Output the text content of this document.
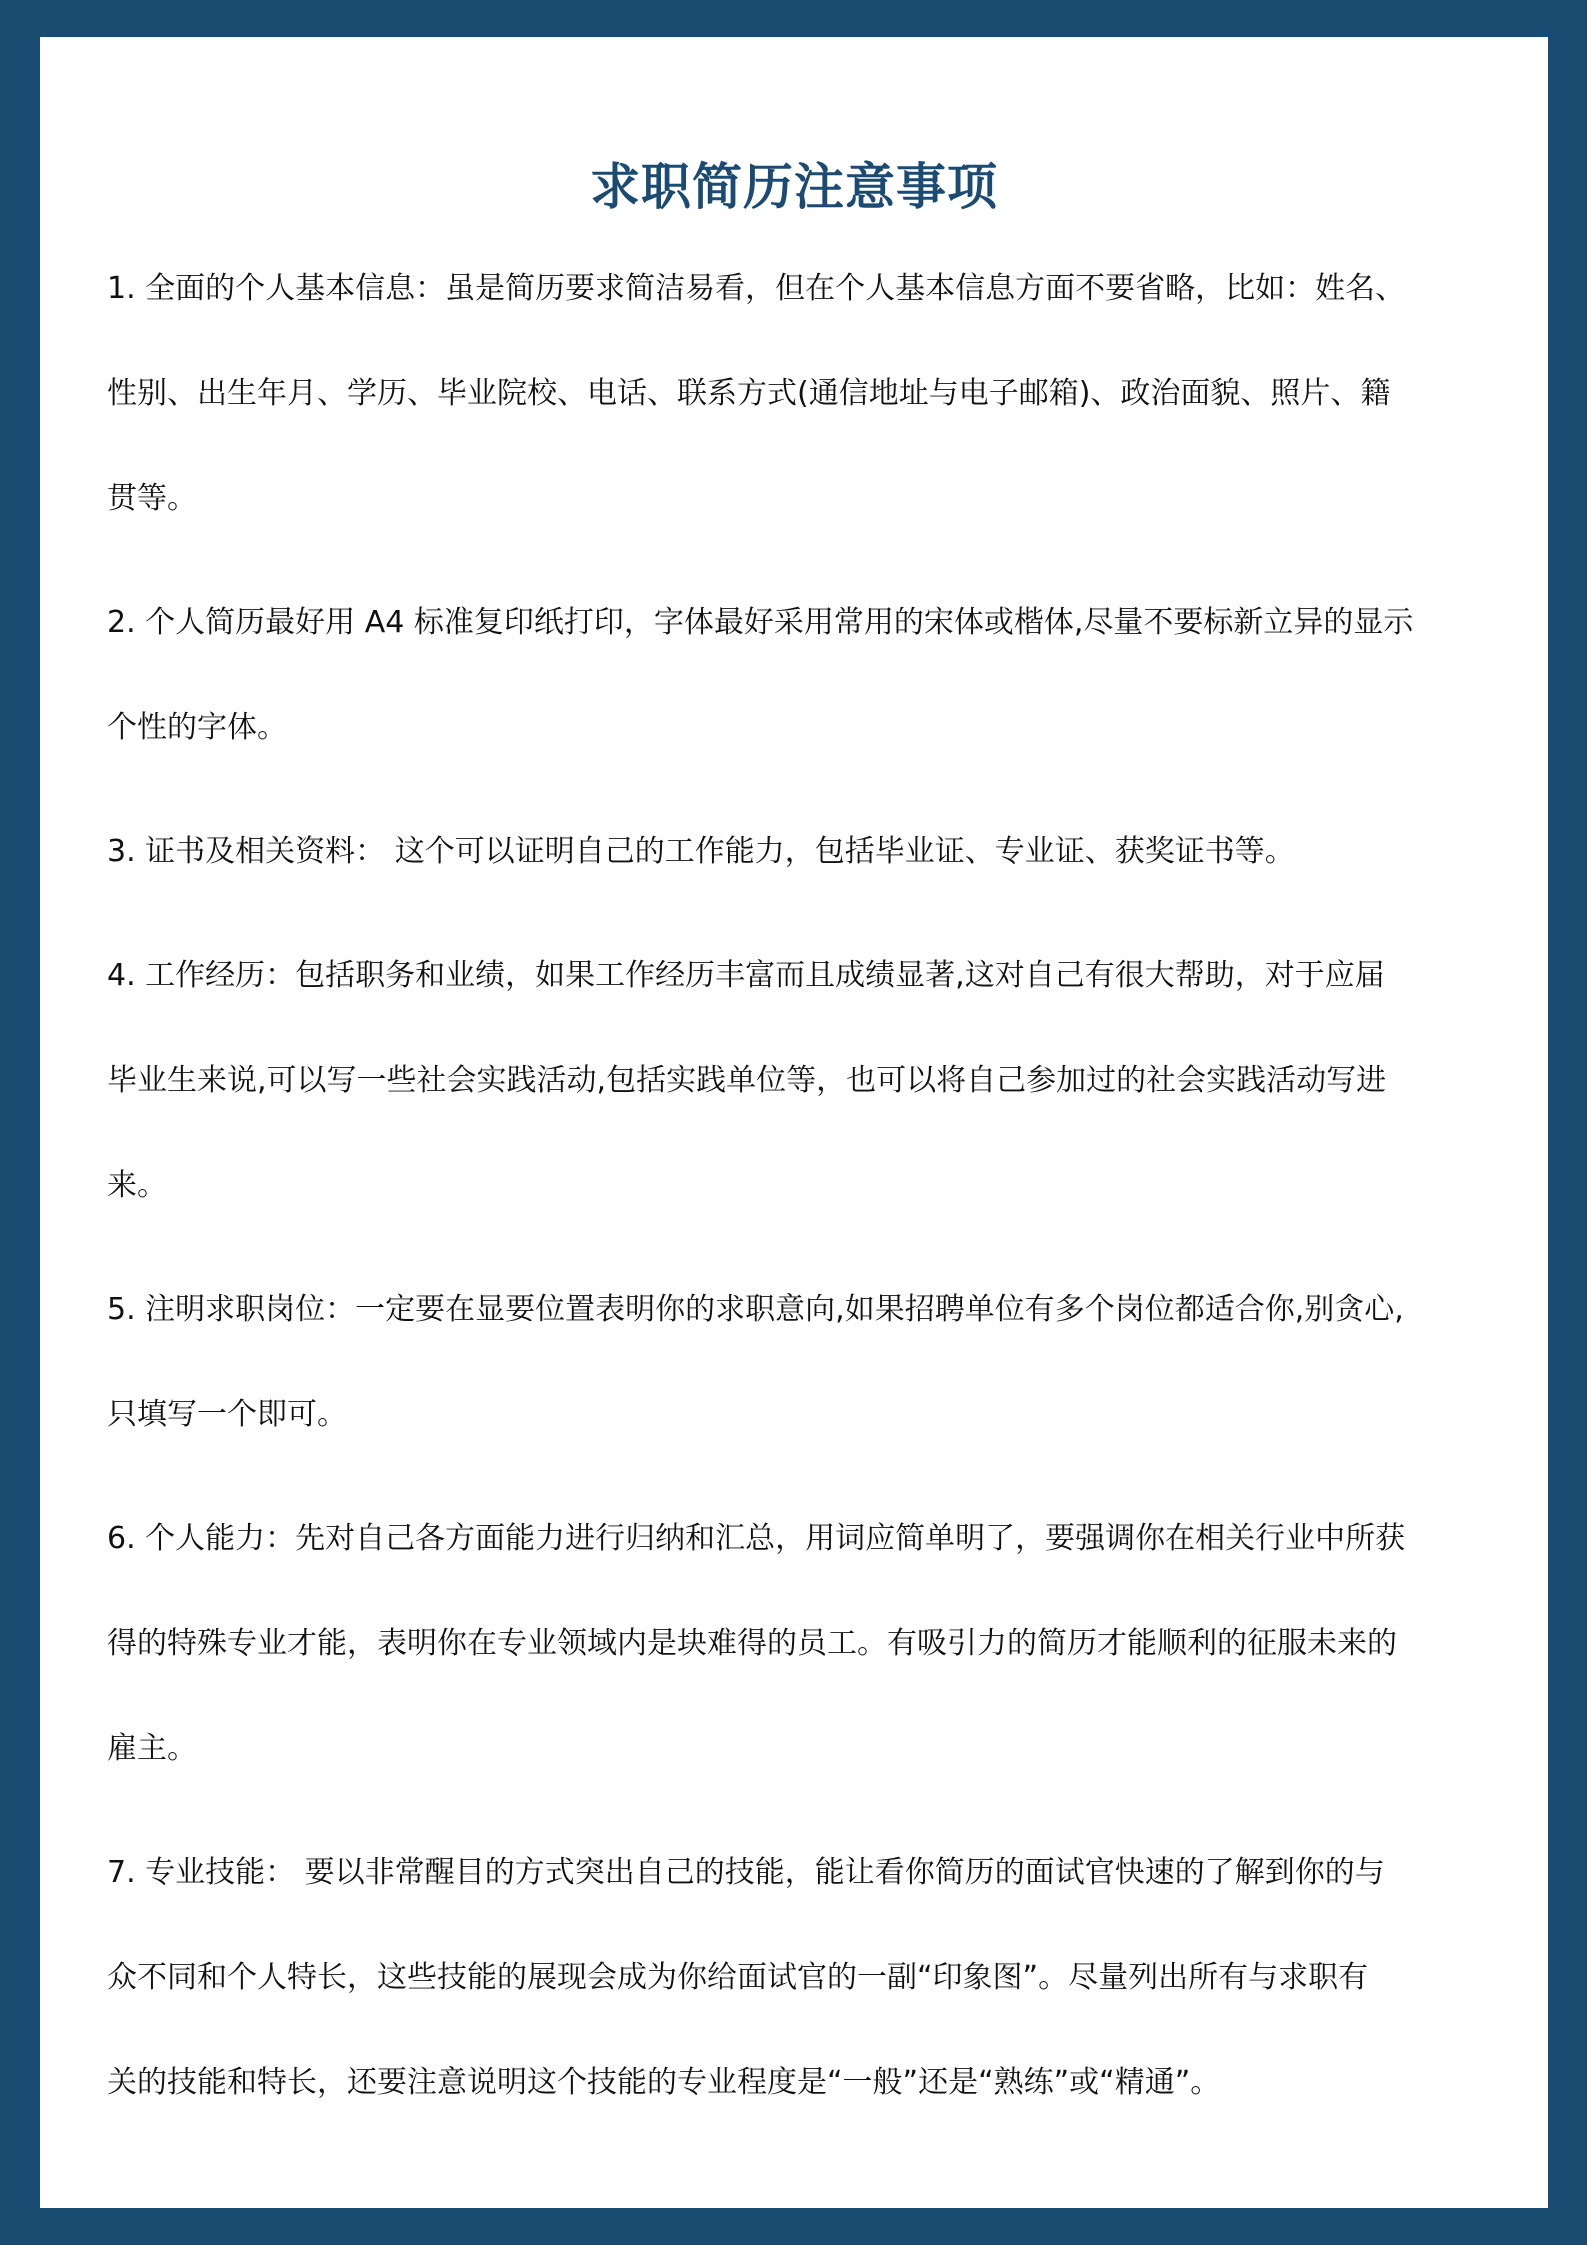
求职简历注意事项
1. 全面的个人基本信息：虽是简历要求简洁易看，但在个人基本信息方面不要省略，比如：姓名、
性别、出生年月、学历、毕业院校、电话、联系方式(通信地址与电子邮箱)、政治面貌、照片、籍
贯等。
2. 个人简历最好用 A4 标准复印纸打印，字体最好采用常用的宋体或楷体,尽量不要标新立异的显示
个性的字体。
3. 证书及相关资料： 这个可以证明自己的工作能力，包括毕业证、专业证、获奖证书等。
4. 工作经历：包括职务和业绩，如果工作经历丰富而且成绩显著,这对自己有很大帮助，对于应届
毕业生来说,可以写一些社会实践活动,包括实践单位等，也可以将自己参加过的社会实践活动写进
来。
5. 注明求职岗位：一定要在显要位置表明你的求职意向,如果招聘单位有多个岗位都适合你,别贪心,
只填写一个即可。
6. 个人能力：先对自己各方面能力进行归纳和汇总，用词应简单明了，要强调你在相关行业中所获
得的特殊专业才能，表明你在专业领域内是块难得的员工。有吸引力的简历才能顺利的征服未来的
雇主。
7. 专业技能： 要以非常醒目的方式突出自己的技能，能让看你简历的面试官快速的了解到你的与
众不同和个人特长，这些技能的展现会成为你给面试官的一副“印象图”。尽量列出所有与求职有
关的技能和特长，还要注意说明这个技能的专业程度是“一般”还是“熟练”或“精通”。
